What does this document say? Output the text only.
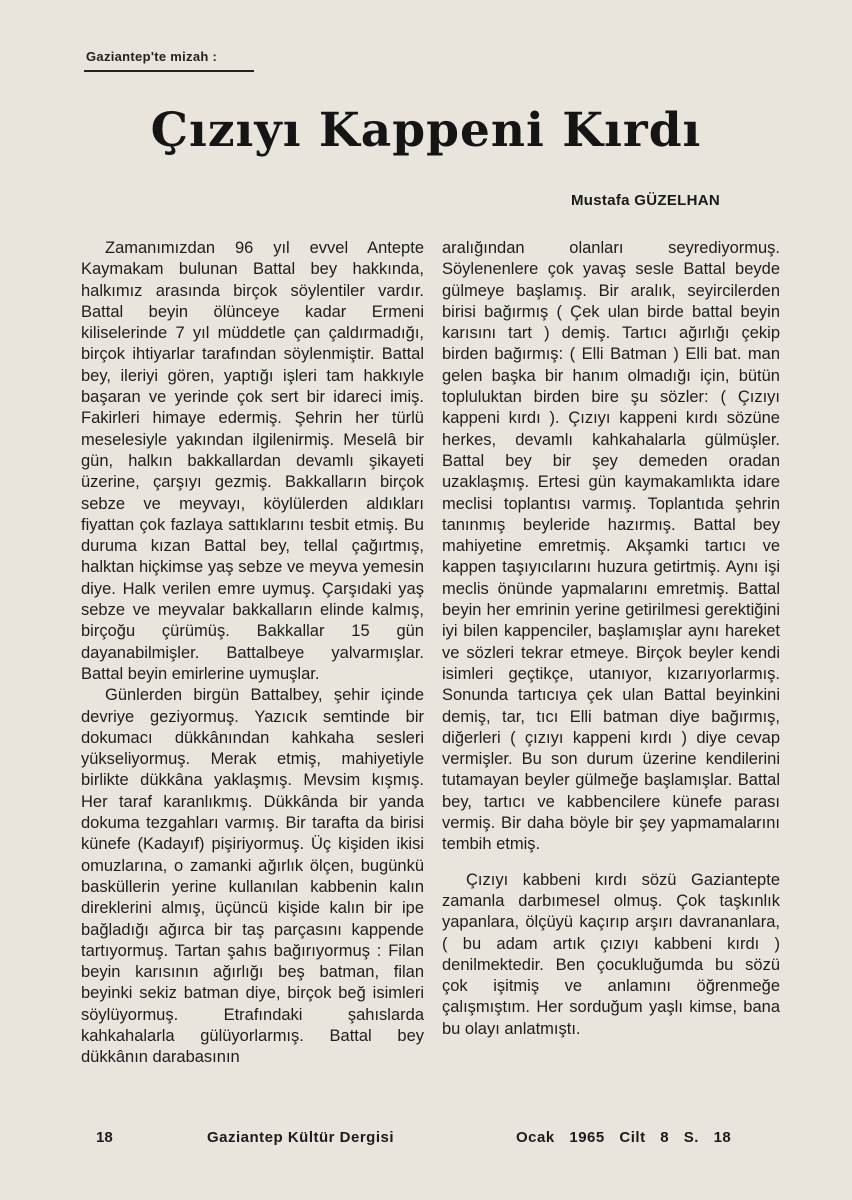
Gaziantep'te mizah :
Çızıyı Kappeni Kırdı
Mustafa GÜZELHAN

Zamanımızdan 96 yıl evvel Antepte Kaymakam bulunan Battal bey hakkında, halkımız arasında birçok söylentiler vardır. Battal beyin ölünceye kadar Ermeni kiliselerinde 7 yıl müddetle çan çaldırmadığı, birçok ihtiyarlar tarafından söylenmiştir. Battal bey, ileriyi gören, yaptığı işleri tam hakkıyle başaran ve yerinde çok sert bir idareci imiş. Fakirleri himaye edermiş. Şehrin her türlü meselesiyle yakından ilgilenirmiş. Meselâ bir gün, halkın bakkallardan devamlı şikayeti üzerine, çarşıyı gezmiş. Bakkalların birçok sebze ve meyvayı, köylülerden aldıkları fiyattan çok fazlaya sattıklarını tesbit etmiş. Bu duruma kızan Battal bey, tellal çağırtmış, halktan hiçkimse yaş sebze ve meyva yemesin diye. Halk verilen emre uymuş. Çarşıdaki yaş sebze ve meyvalar bakkalların elinde kalmış, birçoğu çürümüş. Bakkallar 15 gün dayanabilmişler. Battalbeye yalvarmışlar. Battal beyin emirlerine uymuşlar.

Günlerden birgün Battalbey, şehir içinde devriye geziyormuş. Yazıcık semtinde bir dokumacı dükkânından kahkaha sesleri yükseliyormuş. Merak etmiş, mahiyetiyle birlikte dükkâna yaklaşmış. Mevsim kışmış. Her taraf karanlıkmış. Dükkânda bir yanda dokuma tezgahları varmış. Bir tarafta da birisi künefe (Kadayıf) pişiriyormuş. Üç kişiden ikisi omuzlarına, o zamanki ağırlık ölçen, bugünkü basküllerin yerine kullanılan kabbenin kalın direklerini almış, üçüncü kişide kalın bir ipe bağladığı ağırca bir taş parçasını kappende tartıyormuş. Tartan şahıs bağırıyormuş : Filan beyin karısının ağırlığı beş batman, filan beyinki sekiz batman diye, birçok beğ isimleri söylüyormuş. Etrafındaki şahıslarda kahkahalarla gülüyorlarmış. Battal bey dükkânın darabasının

aralığından olanları seyrediyormuş. Söylenenlere çok yavaş sesle Battal beyde gülmeye başlamış. Bir aralık, seyircilerden birisi bağırmış ( Çek ulan birde battal beyin karısını tart ) demiş. Tartıcı ağırlığı çekip birden bağırmış: ( Elli Batman ) Elli bat. man gelen başka bir hanım olmadığı için, bütün topluluktan birden bire şu sözler: ( Çızıyı kappeni kırdı ). Çızıyı kappeni kırdı sözüne herkes, devamlı kahkahalarla gülmüşler. Battal bey bir şey demeden oradan uzaklaşmış. Ertesi gün kaymakamlıkta idare meclisi toplantısı varmış. Toplantıda şehrin tanınmış beyleride hazırmış. Battal bey mahiyetine emretmiş. Akşamki tartıcı ve kappen taşıyıcılarını huzura getirtmiş. Aynı işi meclis önünde yapmalarını emretmiş. Battal beyin her emrinin yerine getirilmesi gerektiğini iyi bilen kappenciler, başlamışlar aynı hareket ve sözleri tekrar etmeye. Birçok beyler kendi isimleri geçtikçe, utanıyor, kızarıyorlarmış. Sonunda tartıcıya çek ulan Battal beyinkini demiş, tar, tıcı Elli batman diye bağırmış, diğerleri ( çızıyı kappeni kırdı ) diye cevap vermişler. Bu son durum üzerine kendilerini tutamayan beyler gülmeğe başlamışlar. Battal bey, tartıcı ve kabbencilere künefe parası vermiş. Bir daha böyle bir şey yapmamalarını tembih etmiş.

Çızıyı kabbeni kırdı sözü Gaziantepte zamanla darbımesel olmuş. Çok taşkınlık yapanlara, ölçüyü kaçırıp arşırı davrananlara, ( bu adam artık çızıyı kabbeni kırdı ) denilmektedir. Ben çocukluğumda bu sözü çok işitmiş ve anlamını öğrenmeğe çalışmıştım. Her sorduğum yaşlı kimse, bana bu olayı anlatmıştı.

18	Gaziantep Kültür Dergisi	Ocak 1965 Cilt 8 S. 18
